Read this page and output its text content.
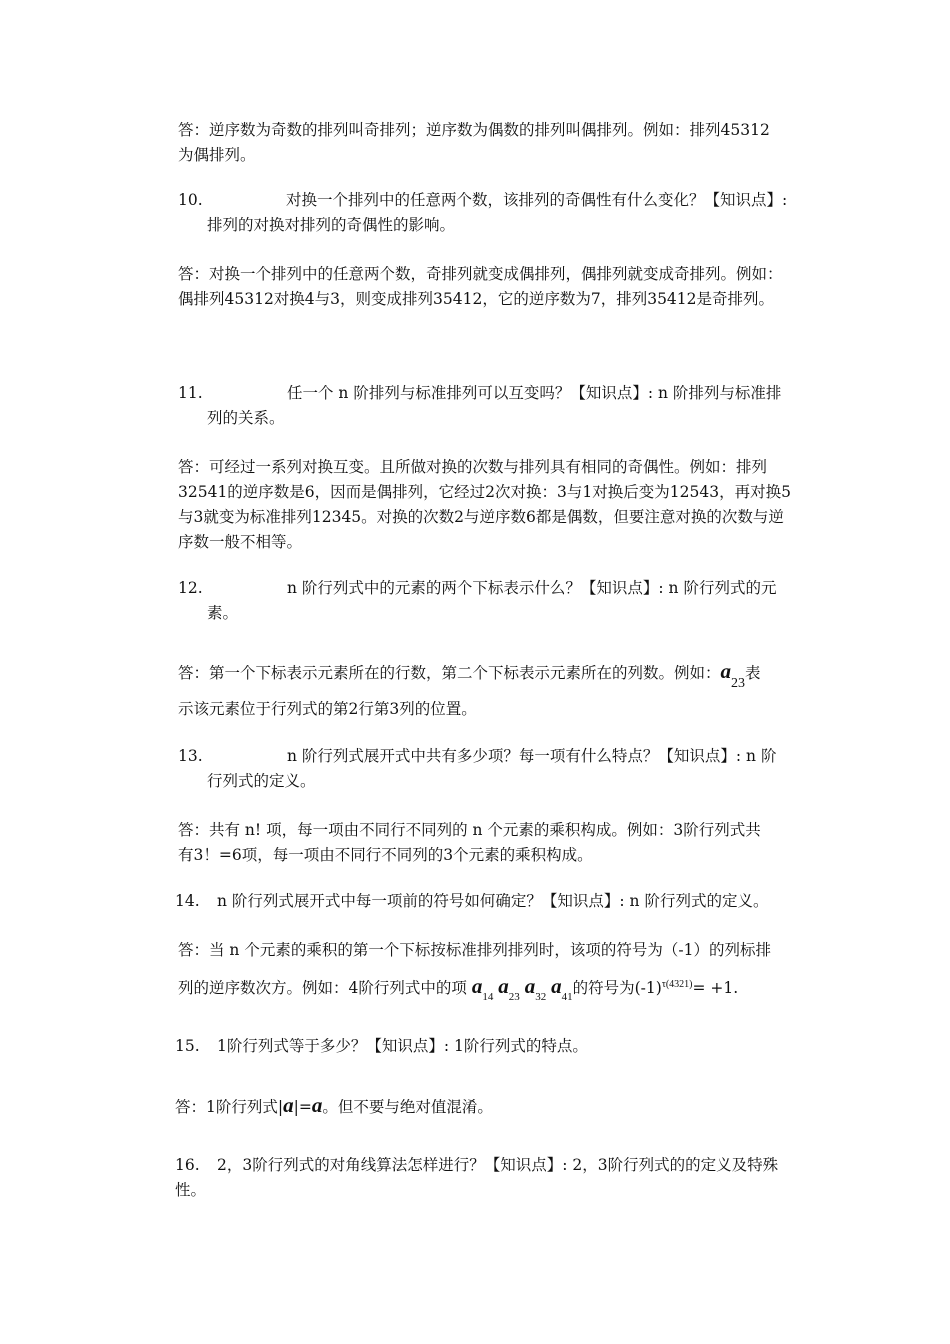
答：逆序数为奇数的排列叫奇排列；逆序数为偶数的排列叫偶排列。例如：排列45312
为偶排列。
10.	对换一个排列中的任意两个数，该排列的奇偶性有什么变化？【知识点】:
排列的对换对排列的奇偶性的影响。
答：对换一个排列中的任意两个数，奇排列就变成偶排列，偶排列就变成奇排列。例如：
偶排列45312对换4与3，则变成排列35412，它的逆序数为7，排列35412是奇排列。
11.	任一个 n 阶排列与标准排列可以互变吗？【知识点】: n 阶排列与标准排
列的关系。
答：可经过一系列对换互变。且所做对换的次数与排列具有相同的奇偶性。例如：排列
32541的逆序数是6，因而是偶排列，它经过2次对换：3与1对换后变为12543，再对换5
与3就变为标准排列12345。对换的次数2与逆序数6都是偶数，但要注意对换的次数与逆
序数一般不相等。
12.	n 阶行列式中的元素的两个下标表示什么？【知识点】: n 阶行列式的元
素。
答：第一个下标表示元素所在的行数，第二个下标表示元素所在的列数。例如：a23表
示该元素位于行列式的第2行第3列的位置。
13.	n 阶行列式展开式中共有多少项？每一项有什么特点？【知识点】: n 阶
行列式的定义。
答：共有 n! 项，每一项由不同行不同列的 n 个元素的乘积构成。例如：3阶行列式共
有3！=6项，每一项由不同行不同列的3个元素的乘积构成。
14. n 阶行列式展开式中每一项前的符号如何确定？【知识点】: n 阶行列式的定义。
答：当 n 个元素的乘积的第一个下标按标准排列排列时，该项的符号为（-1）的列标排
列的逆序数次方。例如：4阶行列式中的项 $a_{14}$ $a_{23}$ $a_{32}$ $a_{41}$的符号为$(-1)^{\tau(4321)}= +1$.
15. 1阶行列式等于多少？【知识点】: 1阶行列式的特点。
答：1阶行列式|a|=a。但不要与绝对值混淆。
16. 2，3阶行列式的对角线算法怎样进行？【知识点】: 2，3阶行列式的的定义及特殊
性。
